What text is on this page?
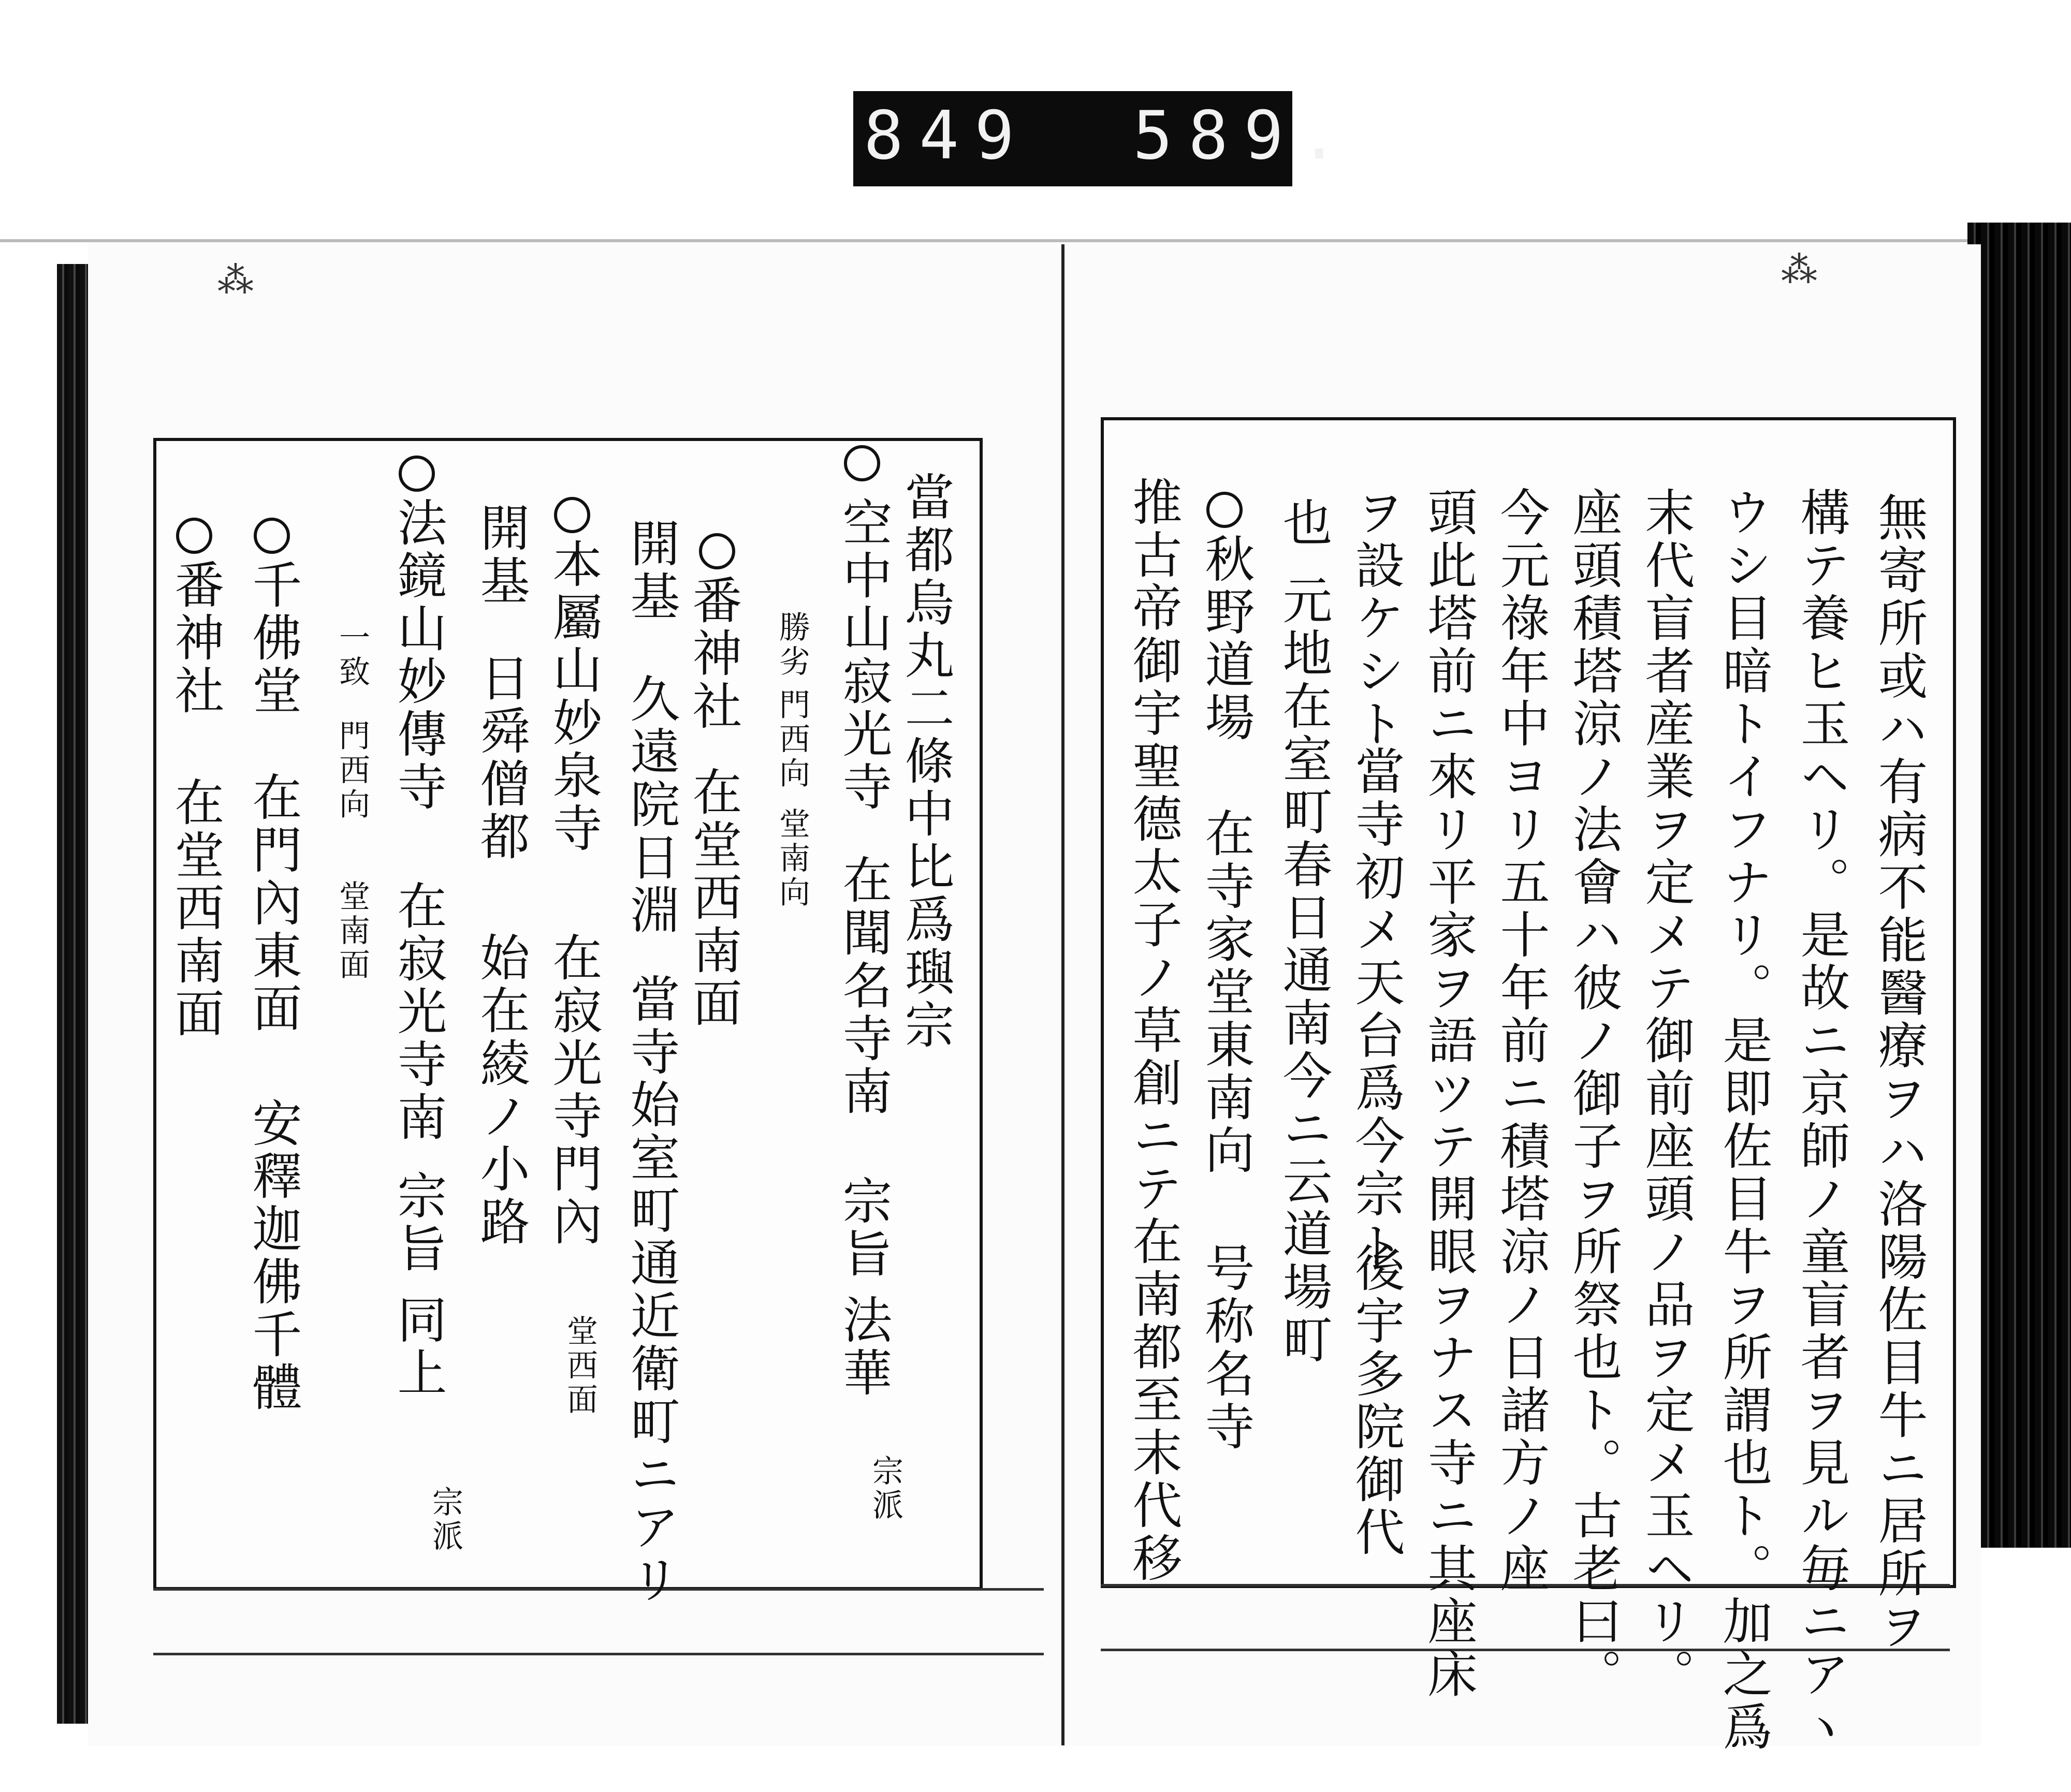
849 589.
⁂	⁂
當都烏丸二條中比爲璵宗
空中山寂光寺
在聞名寺南
宗旨
法華
宗派
勝劣
門西向
堂南向
番神社
在堂西南面
開基
久遠院日淵
當寺始室町通近衛町ニアリ
本屬山妙泉寺
在寂光寺門內
堂西面
開基
日舜僧都
始在綾ノ小路
法鏡山妙傳寺
在寂光寺南
宗旨
同上
宗派
一致
門西向
堂南面
千佛堂
在門內東面
安釋迦佛千體
番神社
在堂西南面	無寄所或ハ有病不能醫療ヲハ洛陽佐目牛ニ居所ヲ
構テ養ヒ玉ヘリ。是故ニ京師ノ童盲者ヲ見ル毎ニアヽ
ウシ目暗トイフナリ。是即佐目牛ヲ所謂也ト。加之爲
末代盲者産業ヲ定メテ御前座頭ノ品ヲ定メ玉ヘリ。
座頭積塔涼ノ法會ハ彼ノ御子ヲ所祭也ト。古老曰。
今元祿年中ヨリ五十年前ニ積塔涼ノ日諸方ノ座
頭此塔前ニ來リ平家ヲ語ツテ開眼ヲナス寺ニ其座床
ヲ設ケシト
當寺初メ天台爲今宗ト
後宇多院御代
也
元地在室町春日通南今ニ云道場町
秋野道場
在寺家堂東南向
号称名寺
推古帝御宇聖德太子ノ草創ニテ在南都至末代移
